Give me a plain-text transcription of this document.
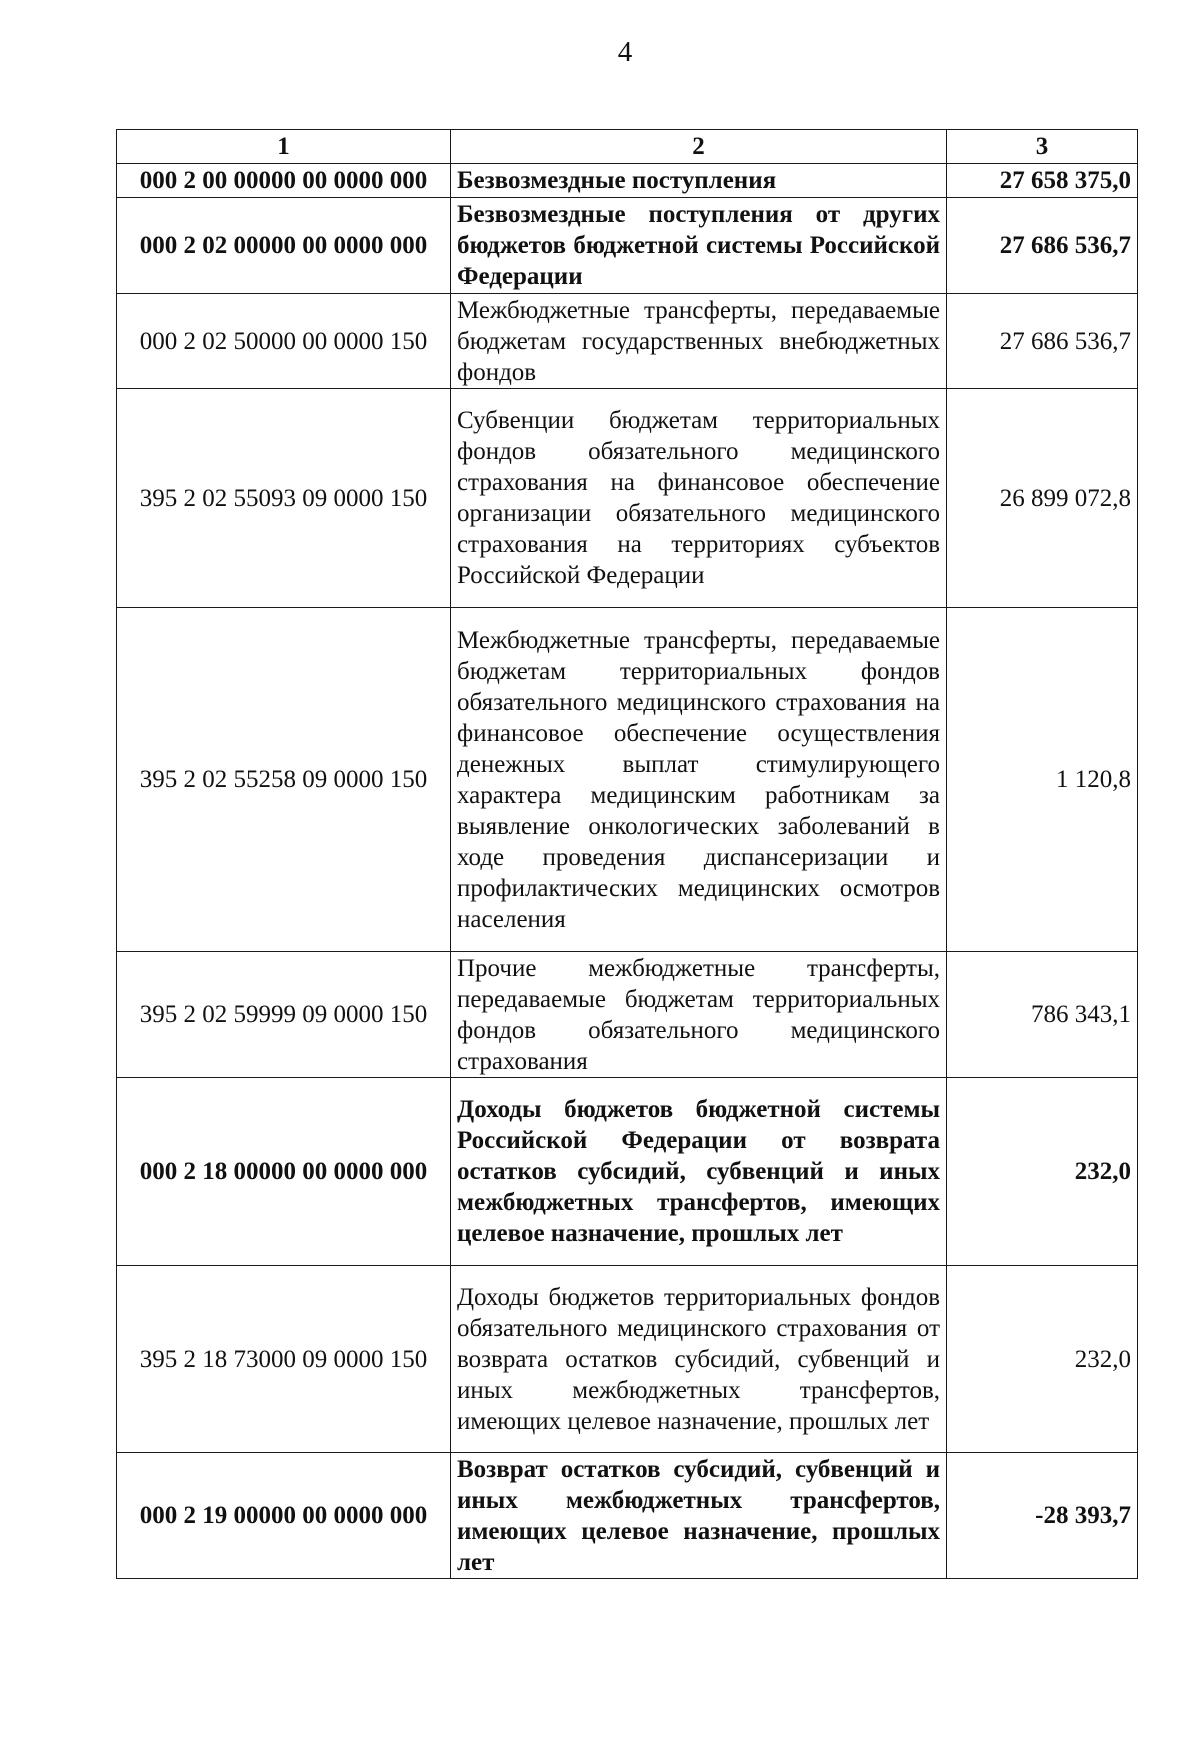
4
1	2	3
000 2 00 00000 00 0000 000	Безвозмездные поступления	27 658 375,0
000 2 02 00000 00 0000 000	Безвозмездные поступления от других бюджетов бюджетной системы Российской Федерации	27 686 536,7
000 2 02 50000 00 0000 150	Межбюджетные трансферты, передаваемые бюджетам государственных внебюджетных фондов	27 686 536,7
395 2 02 55093 09 0000 150	Субвенции бюджетам территориальных фондов обязательного медицинского страхования на финансовое обеспечение организации обязательного медицинского страхования на территориях субъектов Российской Федерации	26 899 072,8
395 2 02 55258 09 0000 150	Межбюджетные трансферты, передаваемые бюджетам территориальных фондов обязательного медицинского страхования на финансовое обеспечение осуществления денежных выплат стимулирующего характера медицинским работникам за выявление онкологических заболеваний в ходе проведения диспансеризации и профилактических медицинских осмотров населения	1 120,8
395 2 02 59999 09 0000 150	Прочие межбюджетные трансферты, передаваемые бюджетам территориальных фондов обязательного медицинского страхования	786 343,1
000 2 18 00000 00 0000 000	Доходы бюджетов бюджетной системы Российской Федерации от возврата остатков субсидий, субвенций и иных межбюджетных трансфертов, имеющих целевое назначение, прошлых лет	232,0
395 2 18 73000 09 0000 150	Доходы бюджетов территориальных фондов обязательного медицинского страхования от возврата остатков субсидий, субвенций и иных межбюджетных трансфертов, имеющих целевое назначение, прошлых лет	232,0
000 2 19 00000 00 0000 000	Возврат остатков субсидий, субвенций и иных межбюджетных трансфертов, имеющих целевое назначение, прошлых лет	-28 393,7
